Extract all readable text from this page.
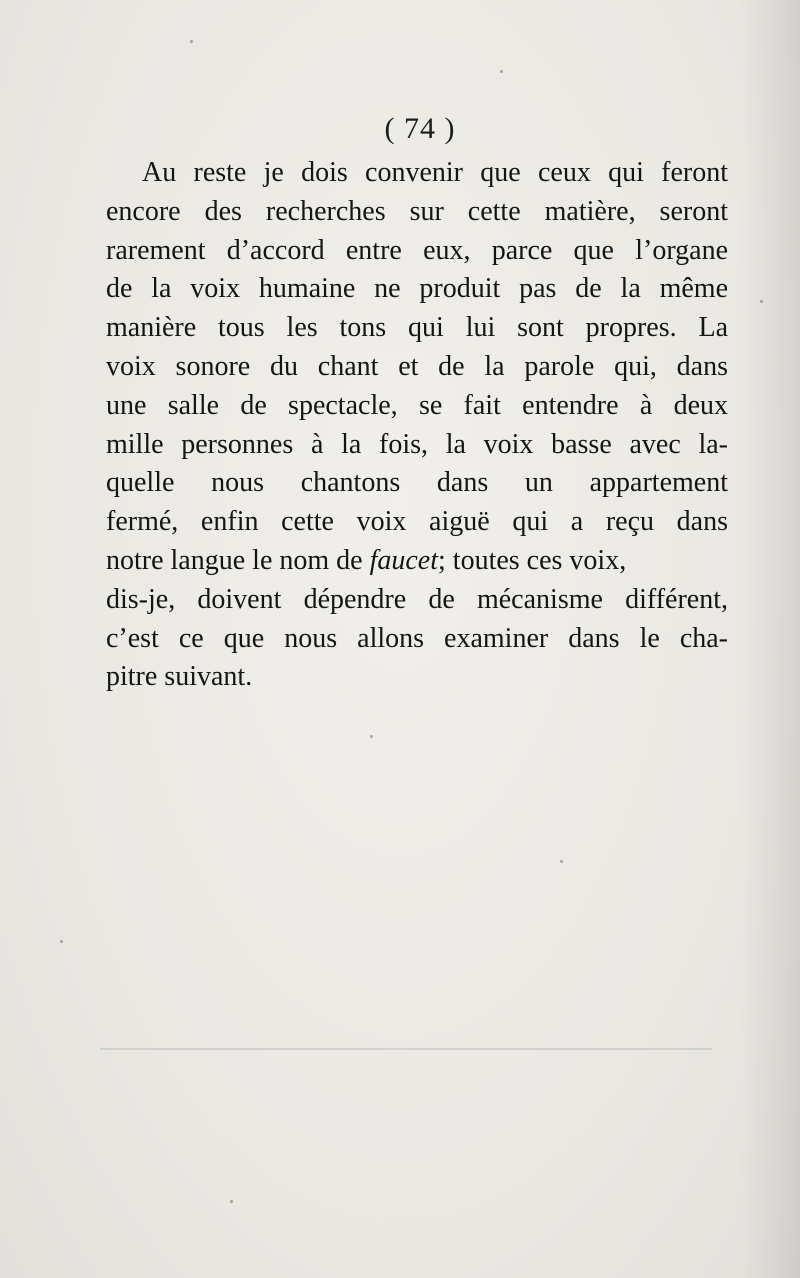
( 74 )
Au reste je dois convenir que ceux qui feront
encore des recherches sur cette matière, seront
rarement d’accord entre eux, parce que l’organe
de la voix humaine ne produit pas de la même
manière tous les tons qui lui sont propres. La
voix sonore du chant et de la parole qui, dans
une salle de spectacle, se fait entendre à deux
mille personnes à la fois, la voix basse avec la-
quelle nous chantons dans un appartement
fermé, enfin cette voix aiguë qui a reçu dans
notre langue le nom de faucet; toutes ces voix,
dis-je, doivent dépendre de mécanisme différent,
c’est ce que nous allons examiner dans le cha-
pitre suivant.
